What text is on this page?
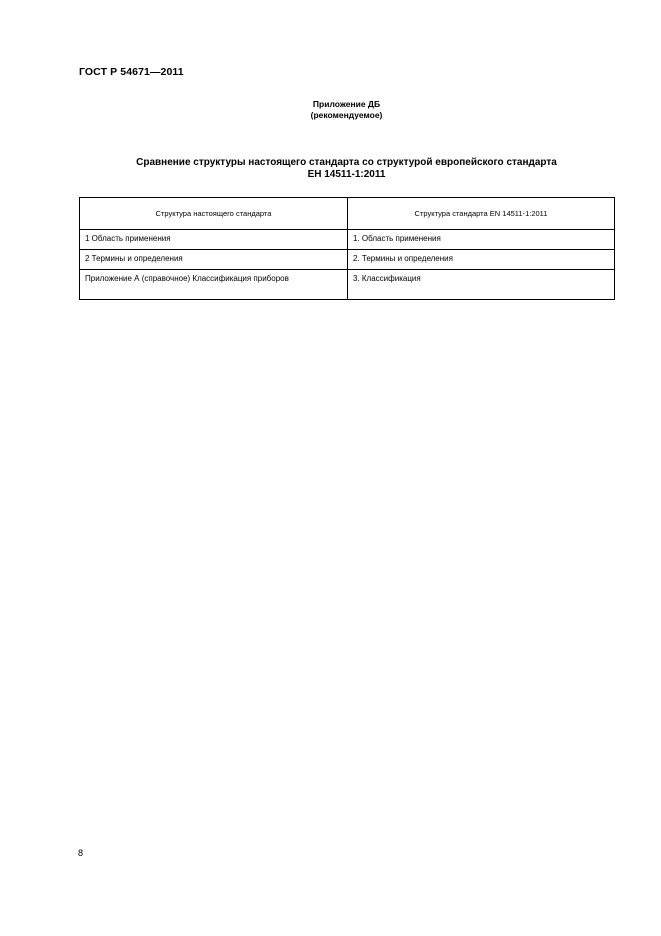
ГОСТ Р 54671—2011
Приложение ДБ
(рекомендуемое)
Сравнение структуры настоящего стандарта со структурой европейского стандарта
ЕН 14511-1:2011
Структура настоящего стандарта	Структура стандарта EN 14511-1:2011
1 Область применения	1. Область применения
2 Термины и определения	2. Термины и определения
Приложение А (справочное) Классификация приборов	3. Классификация
8
